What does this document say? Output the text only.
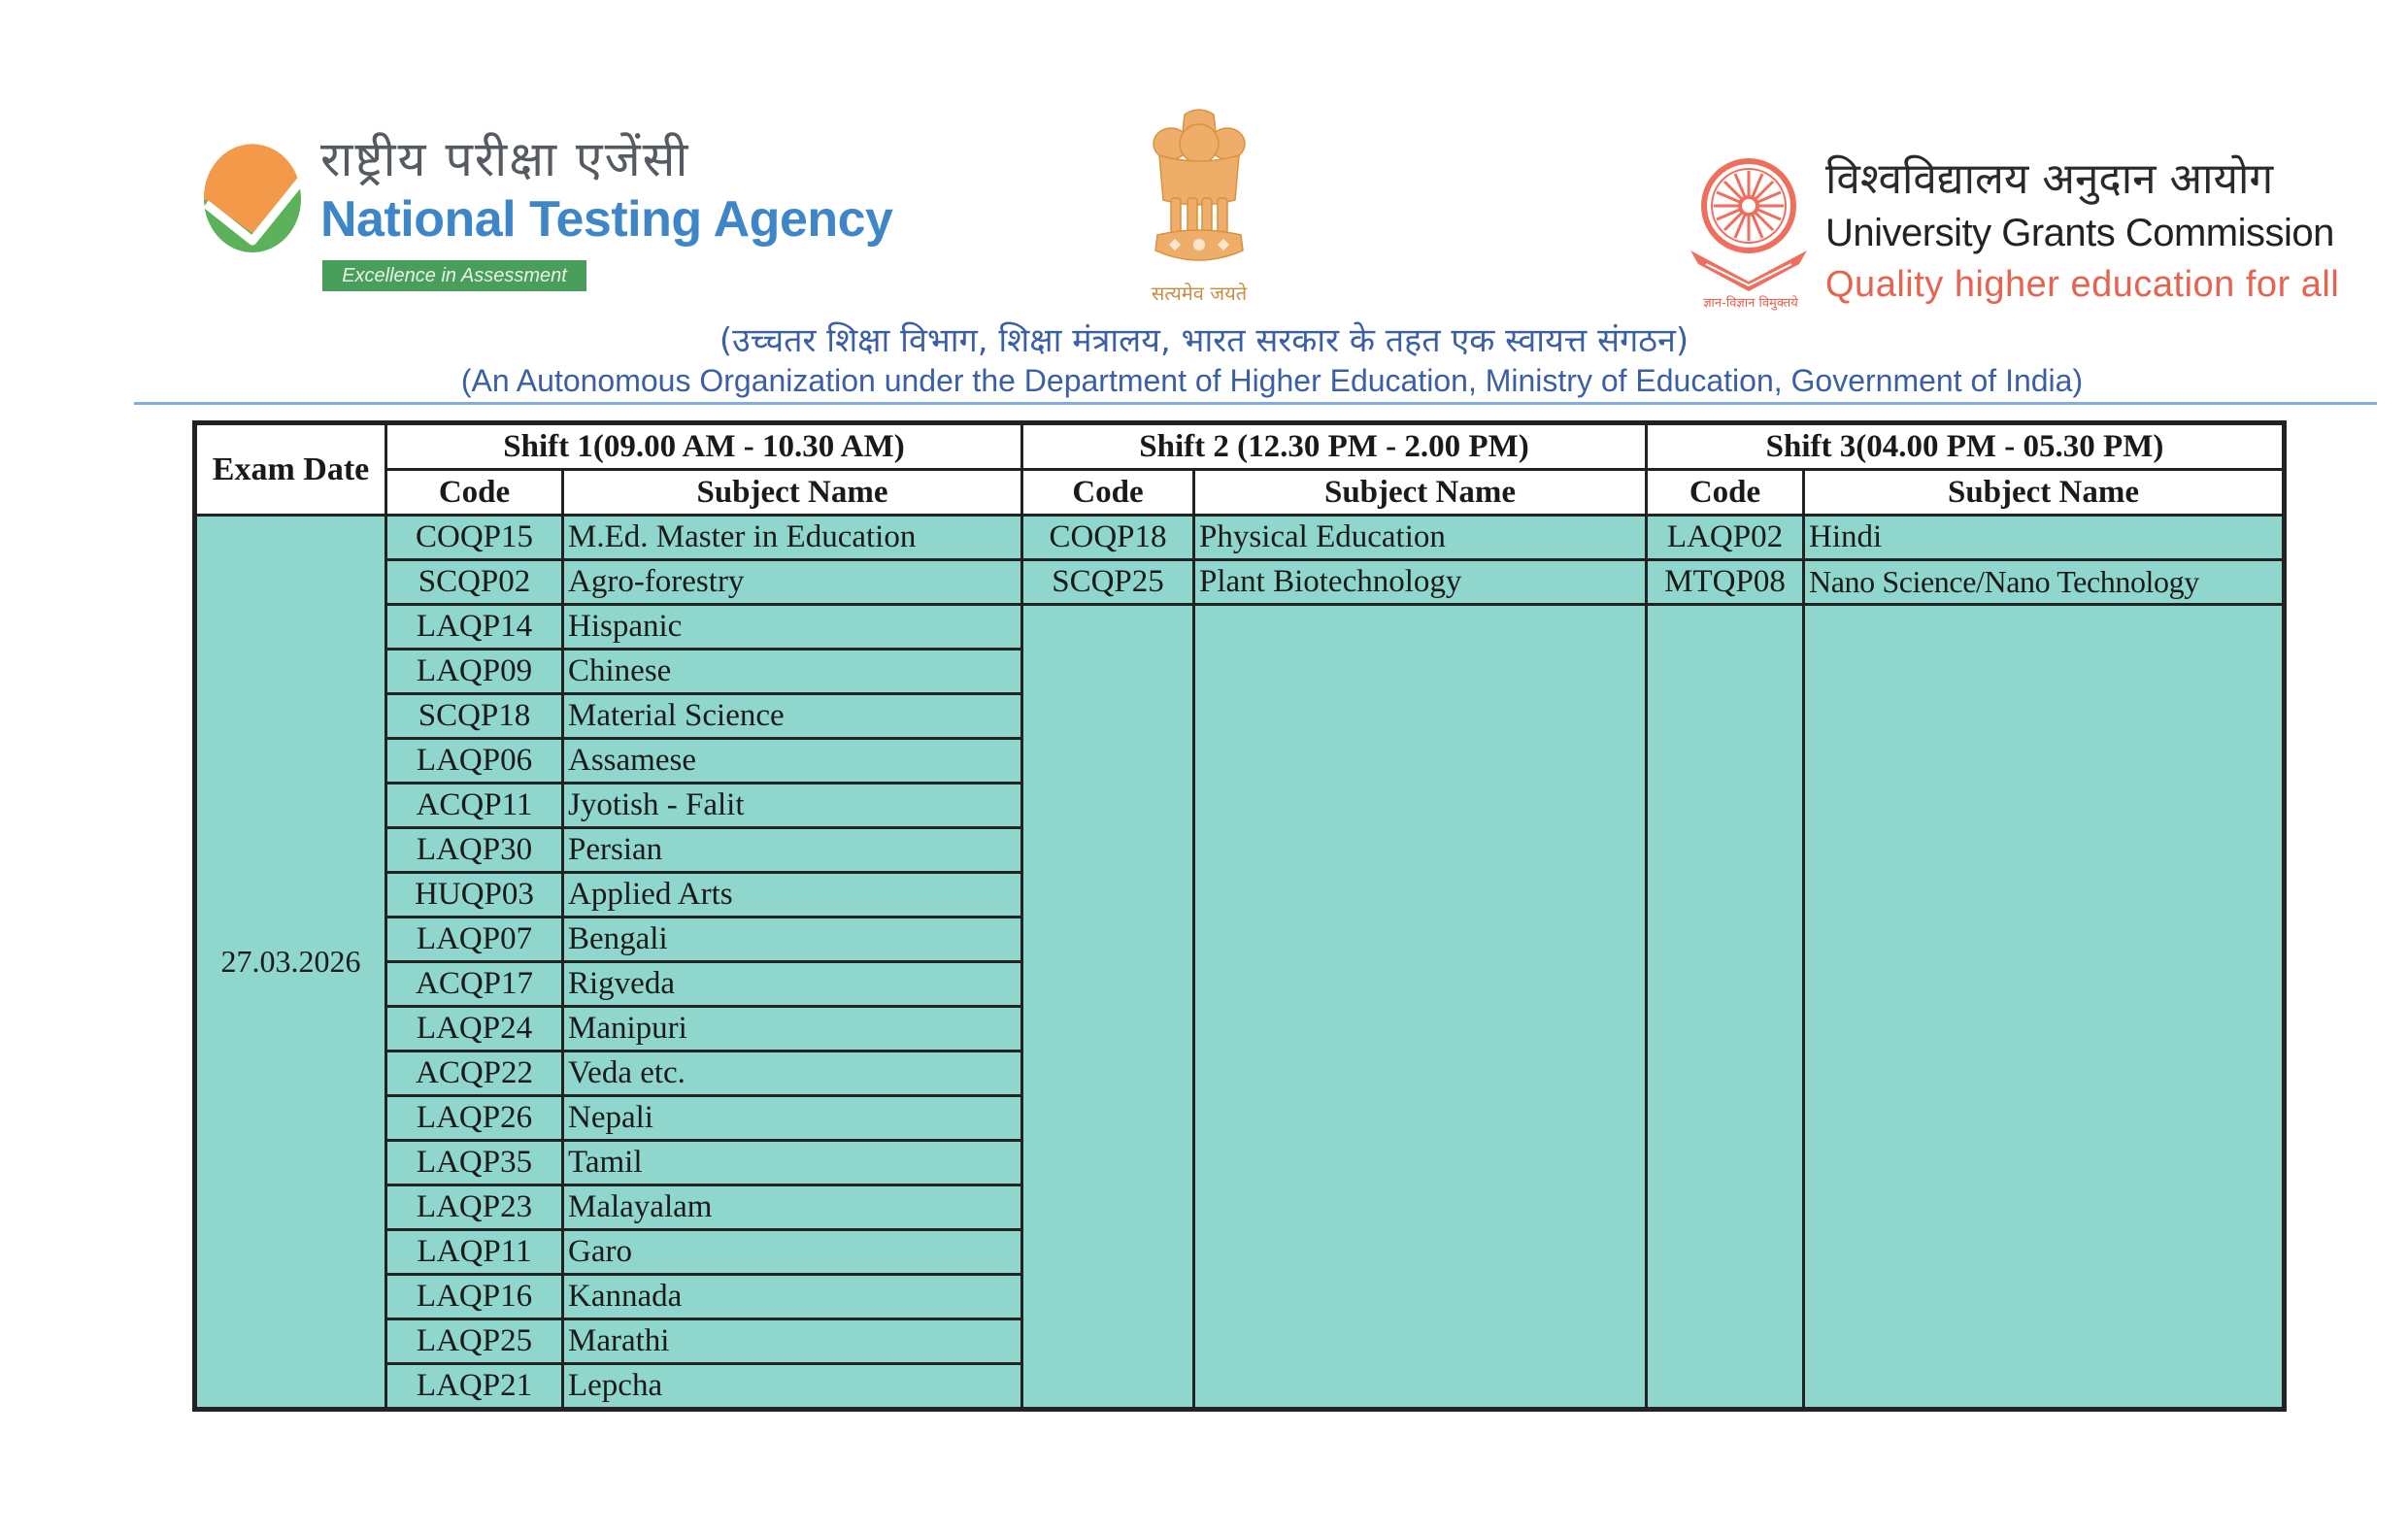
राष्ट्रीय परीक्षा एजेंसी
National Testing Agency
Excellence in Assessment
सत्यमेव जयते	ज्ञान-विज्ञान विमुक्तये
विश्वविद्यालय अनुदान आयोग
University Grants Commission
Quality higher education for all
(उच्चतर शिक्षा विभाग, शिक्षा मंत्रालय, भारत सरकार के तहत एक स्वायत्त संगठन)
(An Autonomous Organization under the Department of Higher Education, Ministry of Education, Government of India)
Exam Date	Shift 1(09.00 AM - 10.30 AM)		Shift 2 (12.30 PM - 2.00 PM)		Shift 3(04.00 PM - 05.30 PM)	
	Code	Subject Name	Code	Subject Name	Code	Subject Name
27.03.2026	COQP15	M.Ed. Master in Education	COQP18	Physical Education	LAQP02	Hindi
	SCQP02	Agro-forestry	SCQP25	Plant Biotechnology	MTQP08	Nano Science/Nano Technology
	LAQP14	Hispanic				
	LAQP09	Chinese				
	SCQP18	Material Science				
	LAQP06	Assamese				
	ACQP11	Jyotish - Falit				
	LAQP30	Persian				
	HUQP03	Applied Arts				
	LAQP07	Bengali				
	ACQP17	Rigveda				
	LAQP24	Manipuri				
	ACQP22	Veda etc.				
	LAQP26	Nepali				
	LAQP35	Tamil				
	LAQP23	Malayalam				
	LAQP11	Garo				
	LAQP16	Kannada				
	LAQP25	Marathi				
	LAQP21	Lepcha				
